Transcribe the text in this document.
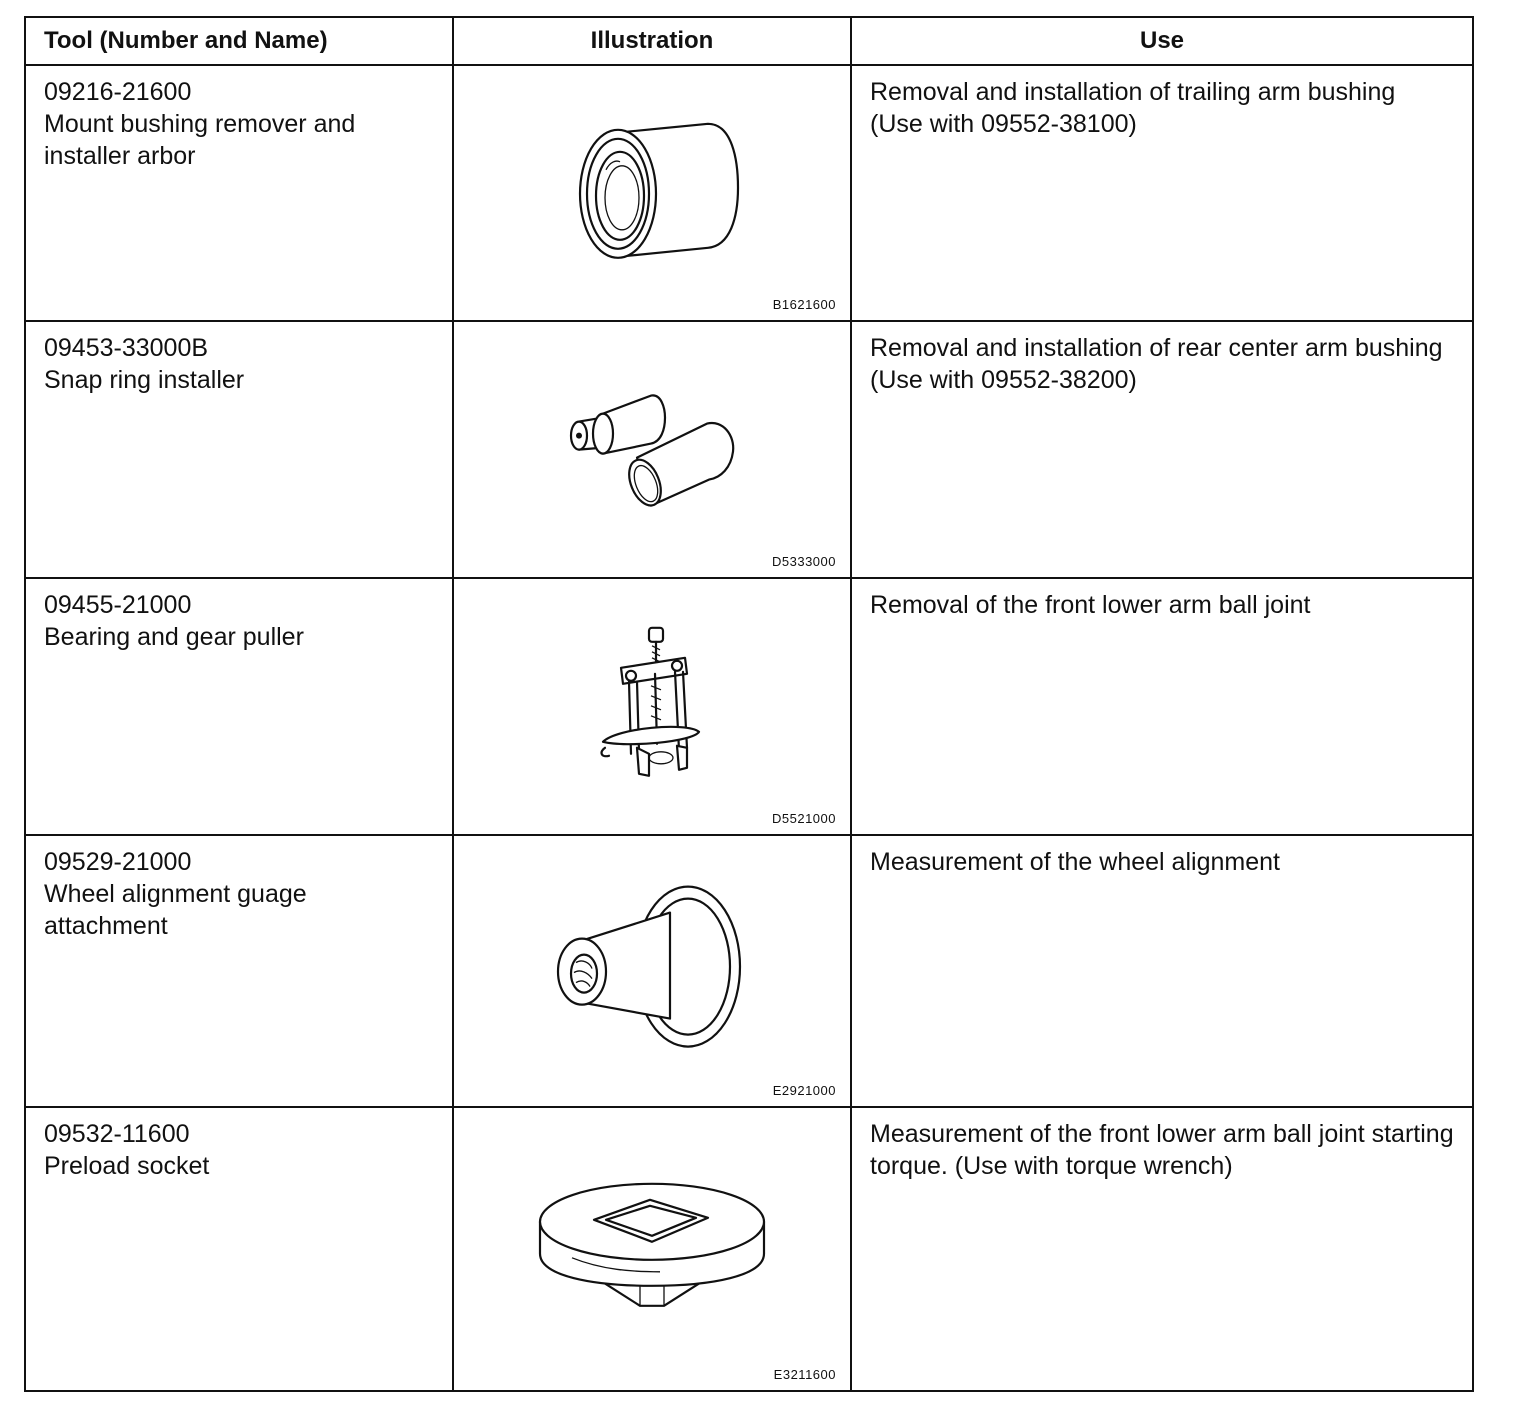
Tool (Number and Name)	Illustration	Use

09216-21600
Mount bushing remover and installer arbor	B1621600	Removal and installation of trailing arm bushing (Use with 09552-38100)

09453-33000B
Snap ring installer	D5333000	Removal and installation of rear center arm bushing (Use with 09552-38200)

09455-21000
Bearing and gear puller	D5521000	Removal of the front lower arm ball joint

09529-21000
Wheel alignment guage attachment	E2921000	Measurement of the wheel alignment

09532-11600
Preload socket	E3211600	Measurement of the front lower arm ball joint starting torque. (Use with torque wrench)
